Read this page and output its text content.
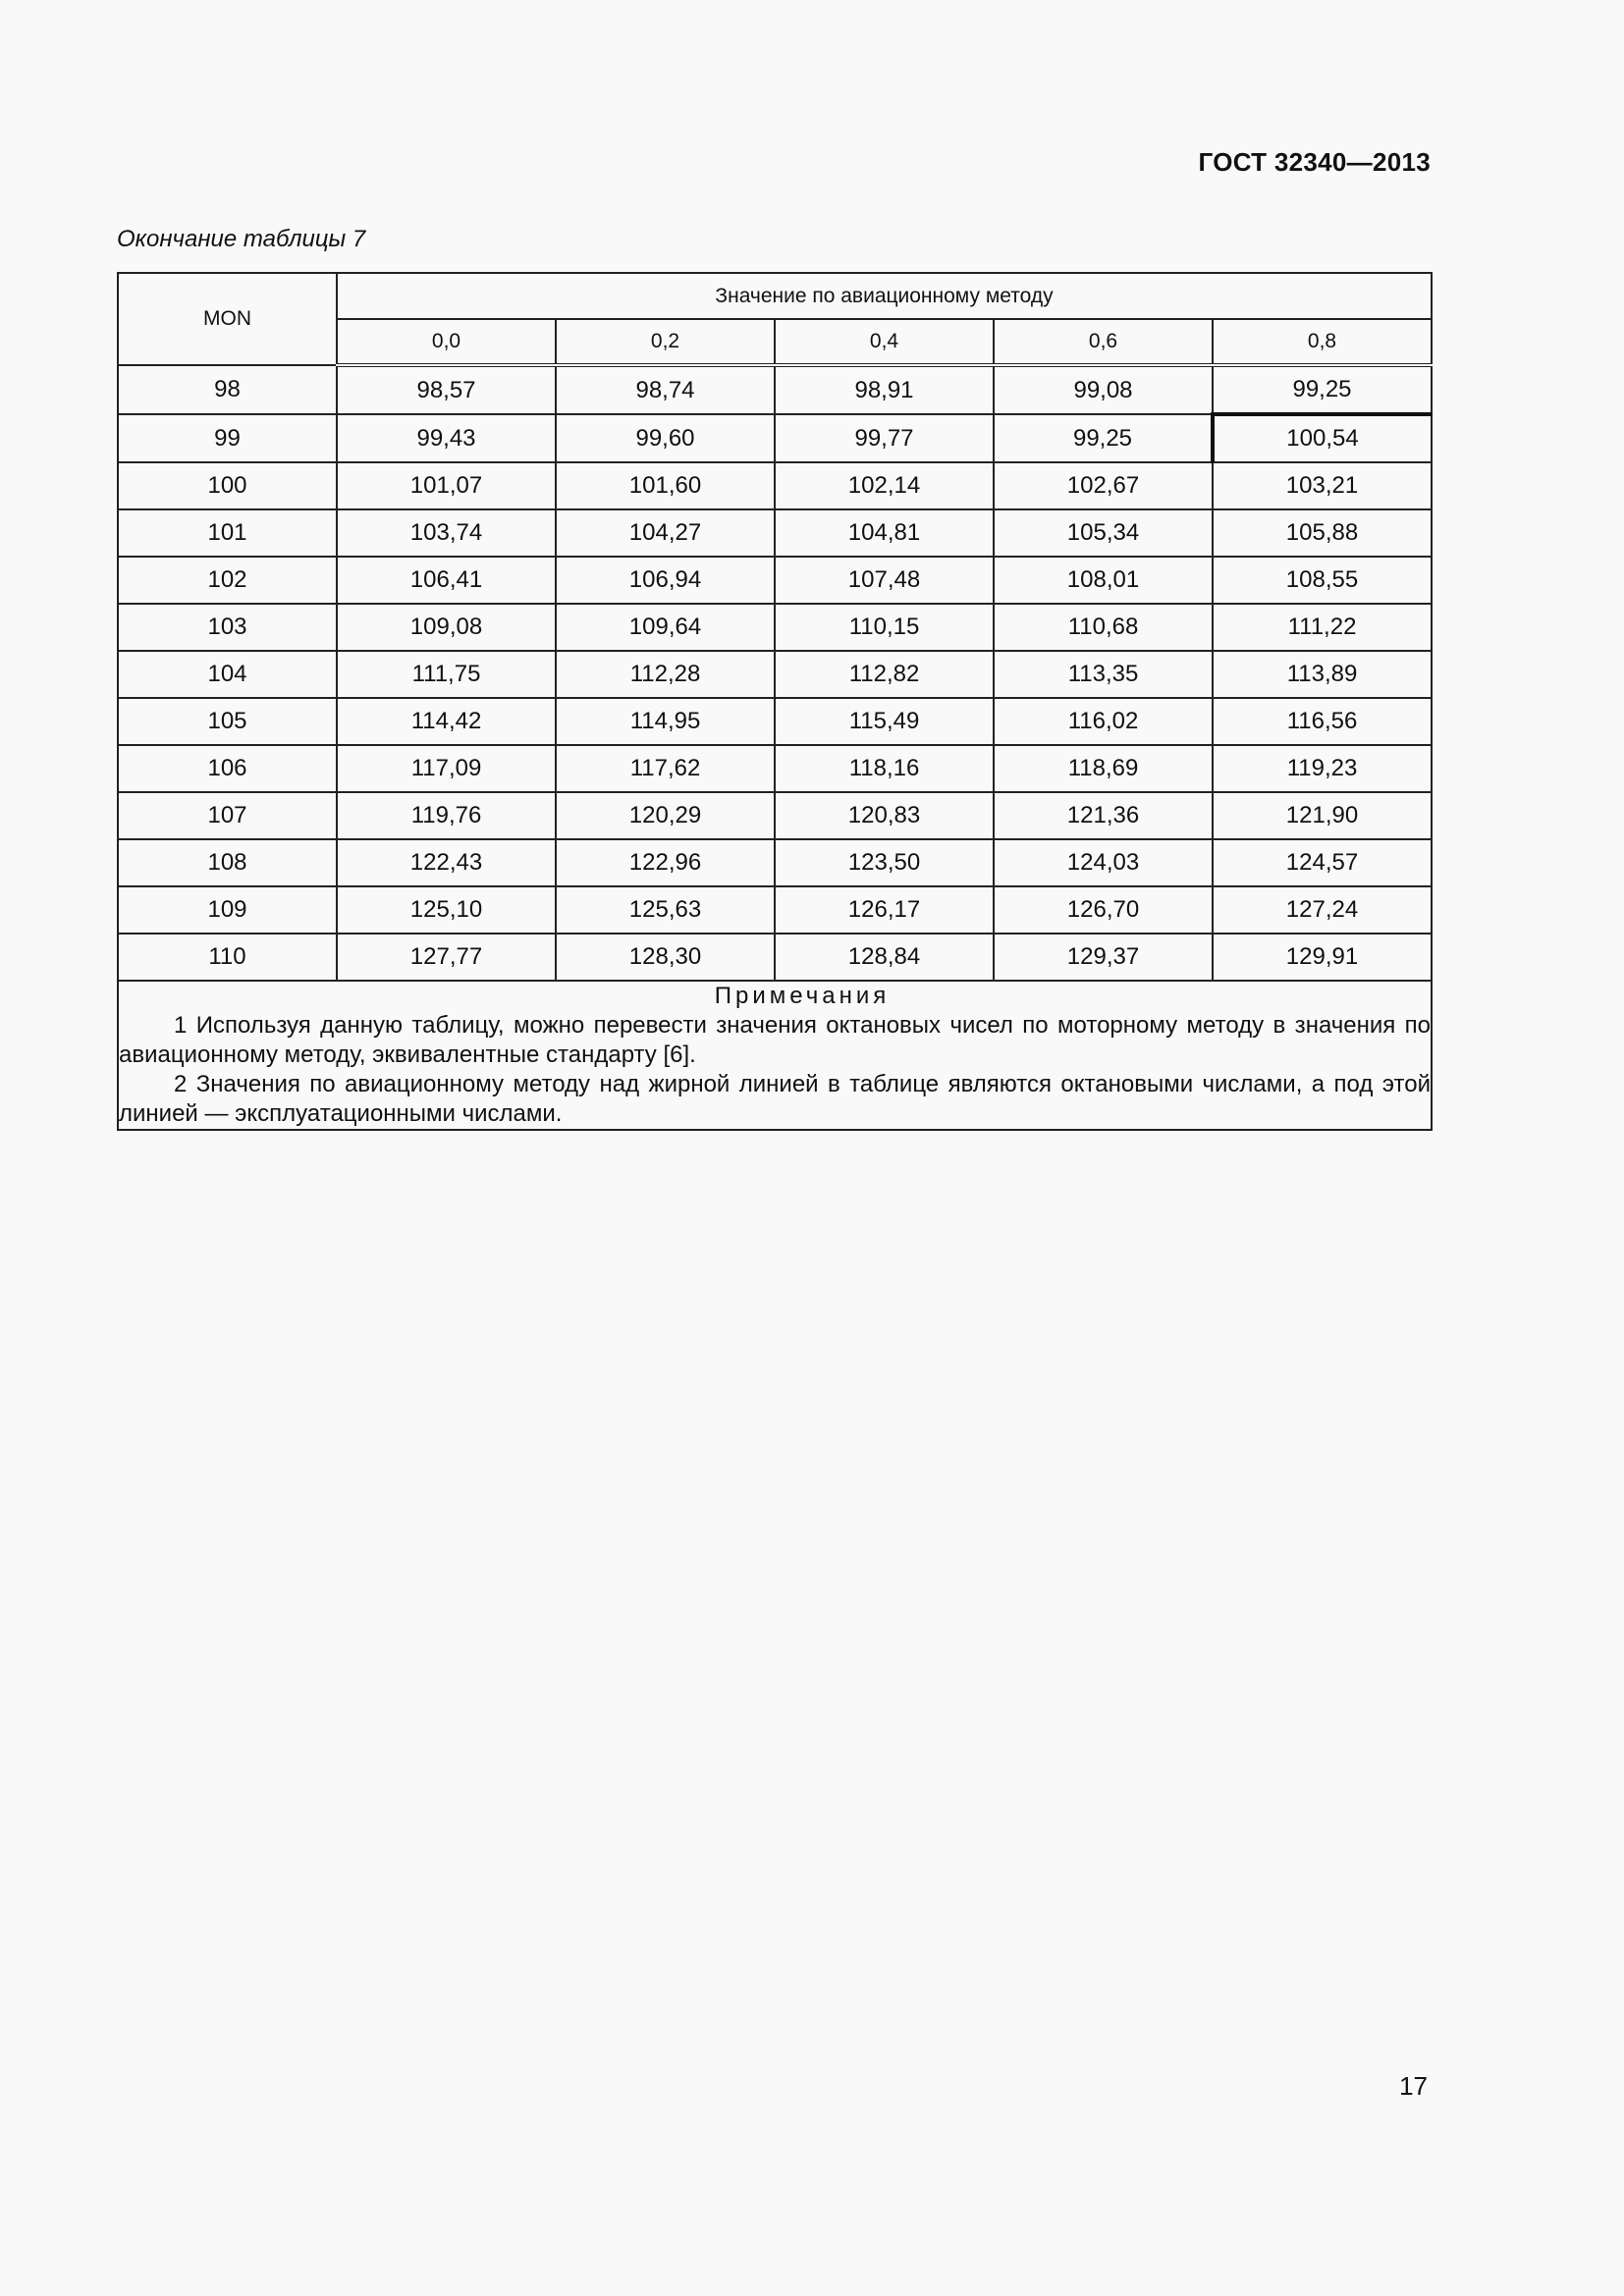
ГОСТ 32340—2013
Окончание таблицы 7
MON	Значение по авиационному методу				
	0,0	0,2	0,4	0,6	0,8
98	98,57	98,74	98,91	99,08	99,25
99	99,43	99,60	99,77	99,25	100,54
100	101,07	101,60	102,14	102,67	103,21
101	103,74	104,27	104,81	105,34	105,88
102	106,41	106,94	107,48	108,01	108,55
103	109,08	109,64	110,15	110,68	111,22
104	111,75	112,28	112,82	113,35	113,89
105	114,42	114,95	115,49	116,02	116,56
106	117,09	117,62	118,16	118,69	119,23
107	119,76	120,29	120,83	121,36	121,90
108	122,43	122,96	123,50	124,03	124,57
109	125,10	125,63	126,17	126,70	127,24
110	127,77	128,30	128,84	129,37	129,91

Примечания
1 Используя данную таблицу, можно перевести значения октановых чисел по моторному методу в значения по авиационному методу, эквивалентные стандарту [6].
2 Значения по авиационному методу над жирной линией в таблице являются октановыми числами, а под этой линией — эксплуатационными числами.					
17
